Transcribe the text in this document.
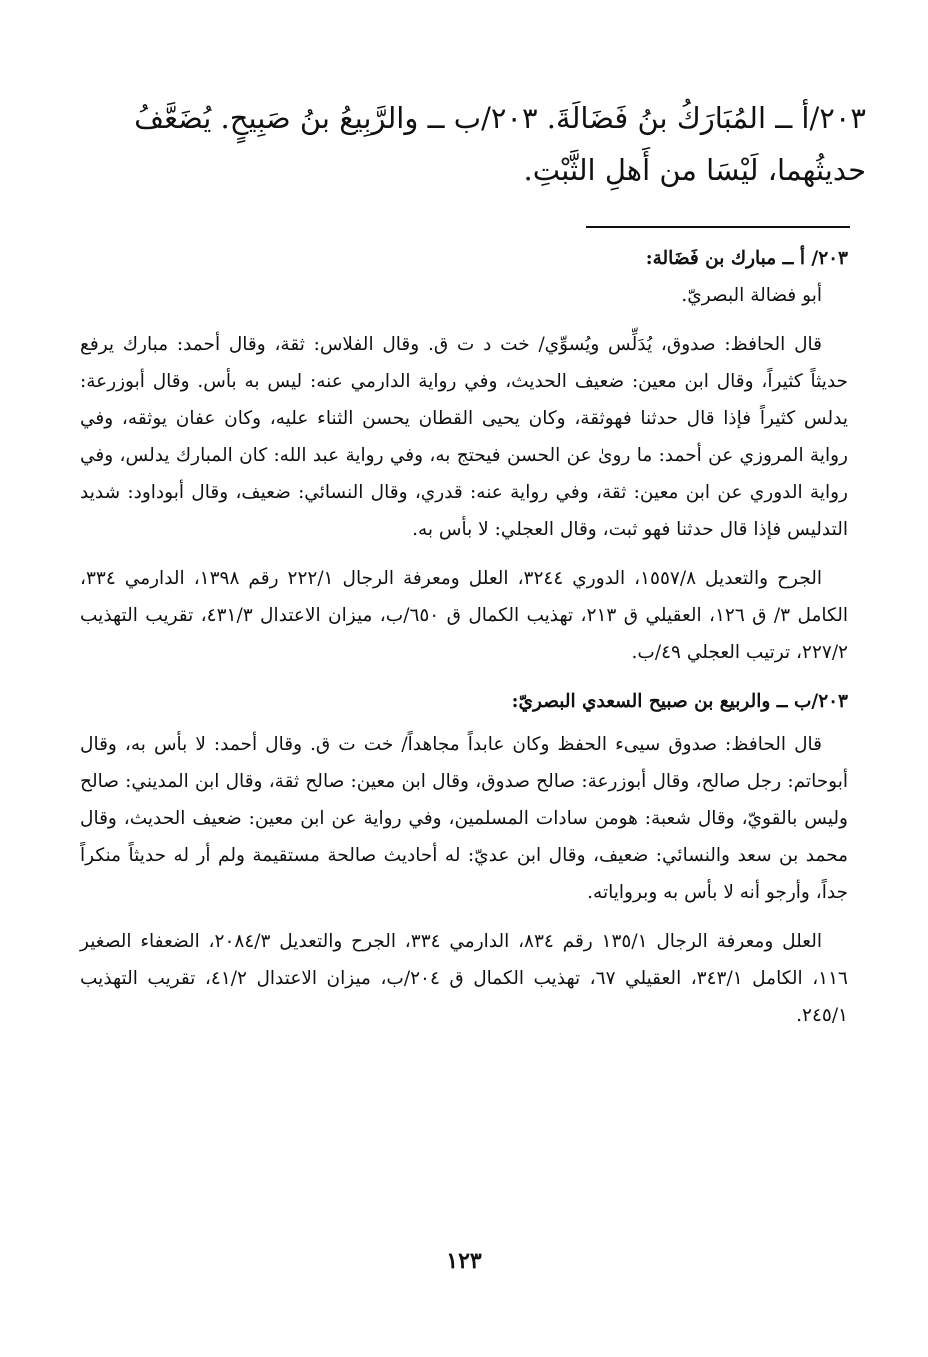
٢٠٣/أ ــ المُبَارَكُ بنُ فَضَالَةَ. ٢٠٣/ب ــ والرَّبِيعُ بنُ صَبِيحٍ. يُضَعَّفُ

حديثُهما، لَيْسَا من أَهلِ الثَّبْتِ.

٢٠٣/ أ ــ مبارك بن فَضَالة:

أبو فضالة البصريّ.

قال الحافظ: صدوق، يُدَلِّس ويُسوِّي/ خت د ت ق. وقال الفلاس: ثقة، وقال أحمد: مبارك يرفع حديثاً كثيراً، وقال ابن معين: ضعيف الحديث، وفي رواية الدارمي عنه: ليس به بأس. وقال أبوزرعة: يدلس كثيراً فإذا قال حدثنا فهوثقة، وكان يحيى القطان يحسن الثناء عليه، وكان عفان يوثقه، وفي رواية المروزي عن أحمد: ما روىٰ عن الحسن فيحتج به، وفي رواية عبد الله: كان المبارك يدلس، وفي رواية الدوري عن ابن معين: ثقة، وفي رواية عنه: قدري، وقال النسائي: ضعيف، وقال أبوداود: شديد التدليس فإذا قال حدثنا فهو ثبت، وقال العجلي: لا بأس به.

الجرح والتعديل ١٥٥٧/٨، الدوري ٣٢٤٤، العلل ومعرفة الرجال ٢٢٢/١ رقم ١٣٩٨، الدارمي ٣٣٤، الكامل ٣/ ق ١٢٦، العقيلي ق ٢١٣، تهذيب الكمال ق ٦٥٠/ب، ميزان الاعتدال ٤٣١/٣، تقريب التهذيب ٢٢٧/٢، ترتيب العجلي ٤٩/ب.

٢٠٣/ب ــ والربيع بن صبيح السعدي البصريّ:

قال الحافظ: صدوق سيىء الحفظ وكان عابداً مجاهداً/ خت ت ق. وقال أحمد: لا بأس به، وقال أبوحاتم: رجل صالح، وقال أبوزرعة: صالح صدوق، وقال ابن معين: صالح ثقة، وقال ابن المديني: صالح وليس بالقويّ، وقال شعبة: هومن سادات المسلمين، وفي رواية عن ابن معين: ضعيف الحديث، وقال محمد بن سعد والنسائي: ضعيف، وقال ابن عديّ: له أحاديث صالحة مستقيمة ولم أر له حديثاً منكراً جداً، وأرجو أنه لا بأس به وبرواياته.

العلل ومعرفة الرجال ١٣٥/١ رقم ٨٣٤، الدارمي ٣٣٤، الجرح والتعديل ٢٠٨٤/٣، الضعفاء الصغير ١١٦، الكامل ٣٤٣/١، العقيلي ٦٧، تهذيب الكمال ق ٢٠٤/ب، ميزان الاعتدال ٤١/٢، تقريب التهذيب ٢٤٥/١.

١٢٣
